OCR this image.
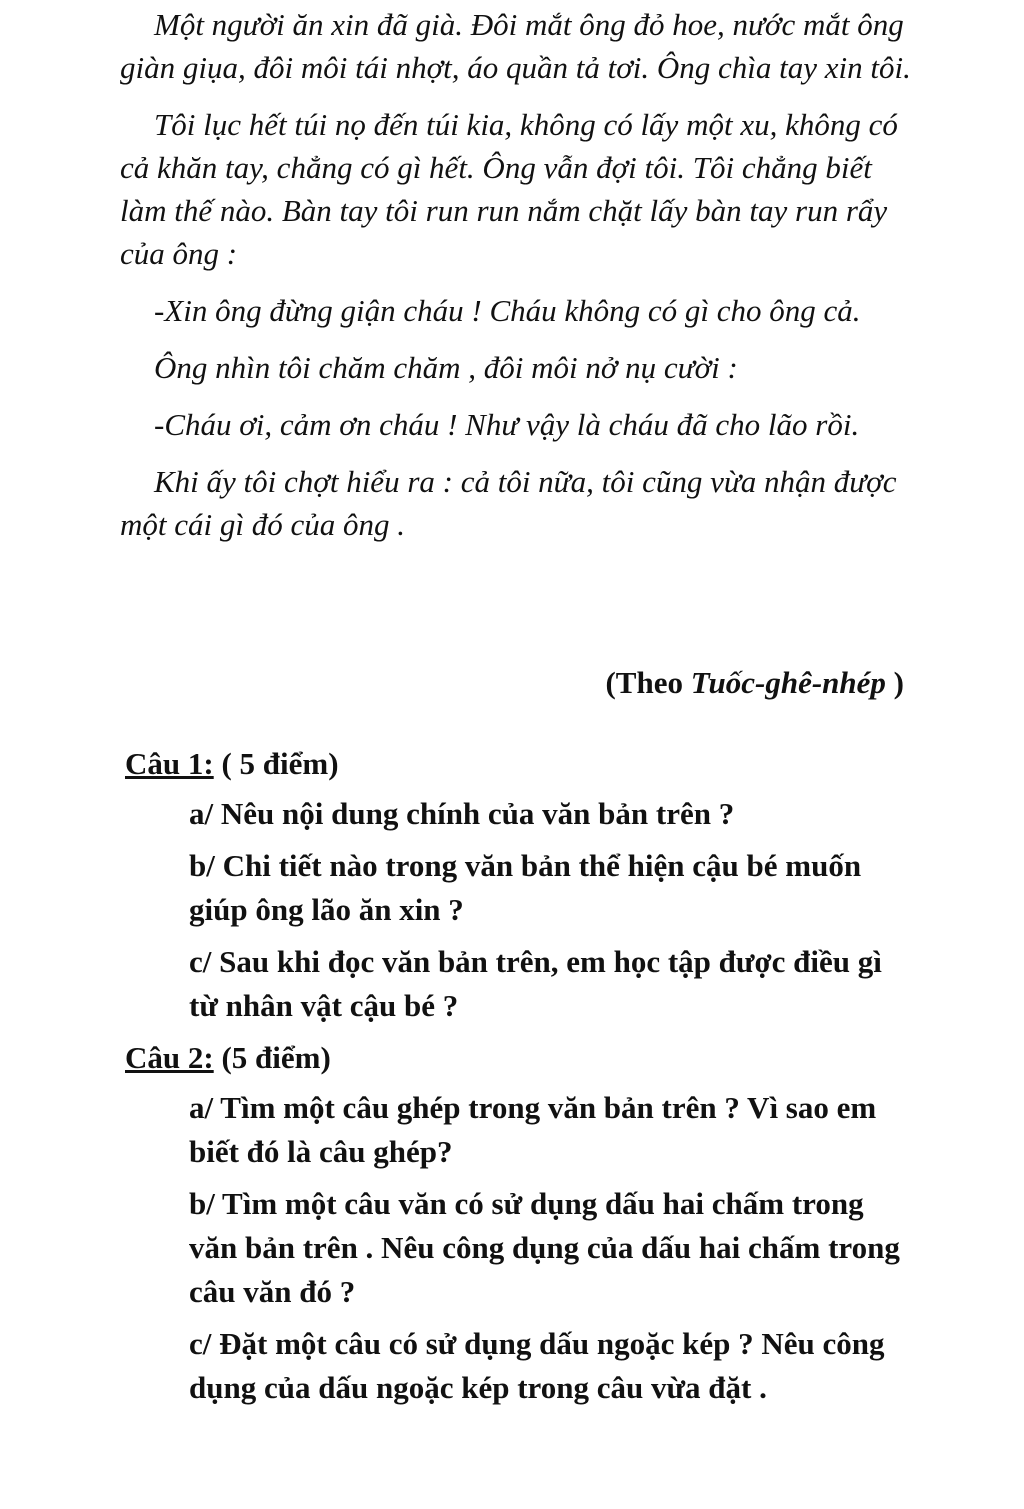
Một người ăn xin đã già. Đôi mắt ông đỏ hoe, nước mắt ông giàn giụa, đôi môi tái nhợt, áo quần tả tơi. Ông chìa tay xin tôi.

Tôi lục hết túi nọ đến túi kia, không có lấy một xu, không có cả khăn tay, chẳng có gì hết. Ông vẫn đợi tôi. Tôi chẳng biết làm thế nào. Bàn tay tôi run run nắm chặt lấy bàn tay run rẩy của ông :

-Xin ông đừng giận cháu ! Cháu không có gì cho ông cả.

Ông nhìn tôi chăm chăm , đôi môi nở nụ cười :

-Cháu ơi, cảm ơn cháu ! Như vậy là cháu đã cho lão rồi.

Khi ấy tôi chợt hiểu ra : cả tôi nữa, tôi cũng vừa nhận được một cái gì đó của ông .

(Theo Tuốc-ghê-nhép )
Câu 1: ( 5 điểm)

a/ Nêu nội dung chính của văn bản trên ?

b/ Chi tiết nào trong văn bản thể hiện cậu bé muốn giúp ông lão ăn xin ?

c/ Sau khi đọc văn bản trên, em học tập được điều gì từ nhân vật cậu bé ?

Câu 2: (5 điểm)

a/ Tìm một câu ghép trong văn bản trên ? Vì sao em biết đó là câu ghép?

b/ Tìm một câu văn có sử dụng dấu hai chấm trong văn bản trên . Nêu công dụng của dấu hai chấm trong câu văn đó ?

c/ Đặt một câu có sử dụng dấu ngoặc kép ? Nêu công dụng của dấu ngoặc kép trong câu vừa đặt .
